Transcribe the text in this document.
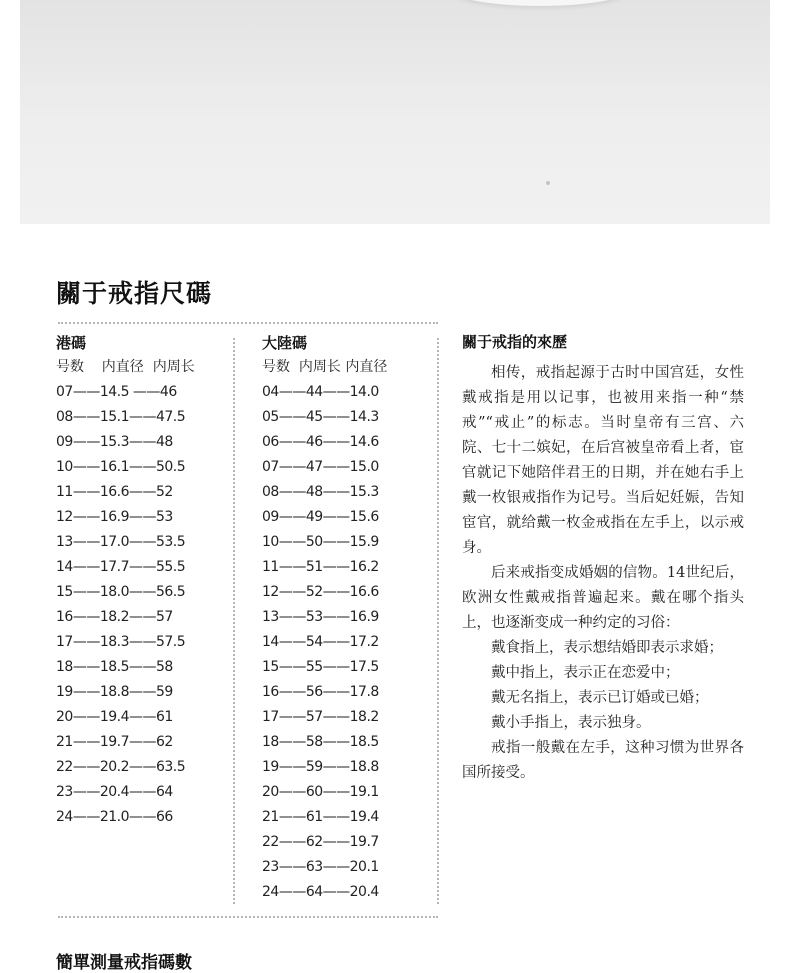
關于戒指尺碼
港碼
号数    内直径  内周长
07——14.5 ——46
08——15.1——47.5
09——15.3——48
10——16.1——50.5
11——16.6——52
12——16.9——53
13——17.0——53.5
14——17.7——55.5
15——18.0——56.5
16——18.2——57
17——18.3——57.5
18——18.5——58
19——18.8——59
20——19.4——61
21——19.7——62
22——20.2——63.5
23——20.4——64
24——21.0——66
大陸碼
号数  内周长 内直径
04——44——14.0
05——45——14.3
06——46——14.6
07——47——15.0
08——48——15.3
09——49——15.6
10——50——15.9
11——51——16.2
12——52——16.6
13——53——16.9
14——54——17.2
15——55——17.5
16——56——17.8
17——57——18.2
18——58——18.5
19——59——18.8
20——60——19.1
21——61——19.4
22——62——19.7
23——63——20.1
24——64——20.4
關于戒指的來歷

相传，戒指起源于古时中国宫廷，女性戴戒指是用以记事，也被用来指一种“禁戒”“戒止”的标志。当时皇帝有三宫、六院、七十二嫔妃，在后宫被皇帝看上者，宦官就记下她陪伴君王的日期，并在她右手上戴一枚银戒指作为记号。当后妃妊娠，告知宦官，就给戴一枚金戒指在左手上，以示戒身。

后来戒指变成婚姻的信物。14世纪后，欧洲女性戴戒指普遍起来。戴在哪个指头上，也逐渐变成一种约定的习俗：

戴食指上，表示想结婚即表示求婚；

戴中指上，表示正在恋爱中；

戴无名指上，表示已订婚或已婚；

戴小手指上，表示独身。

戒指一般戴在左手，这种习惯为世界各国所接受。

簡單測量戒指碼數
